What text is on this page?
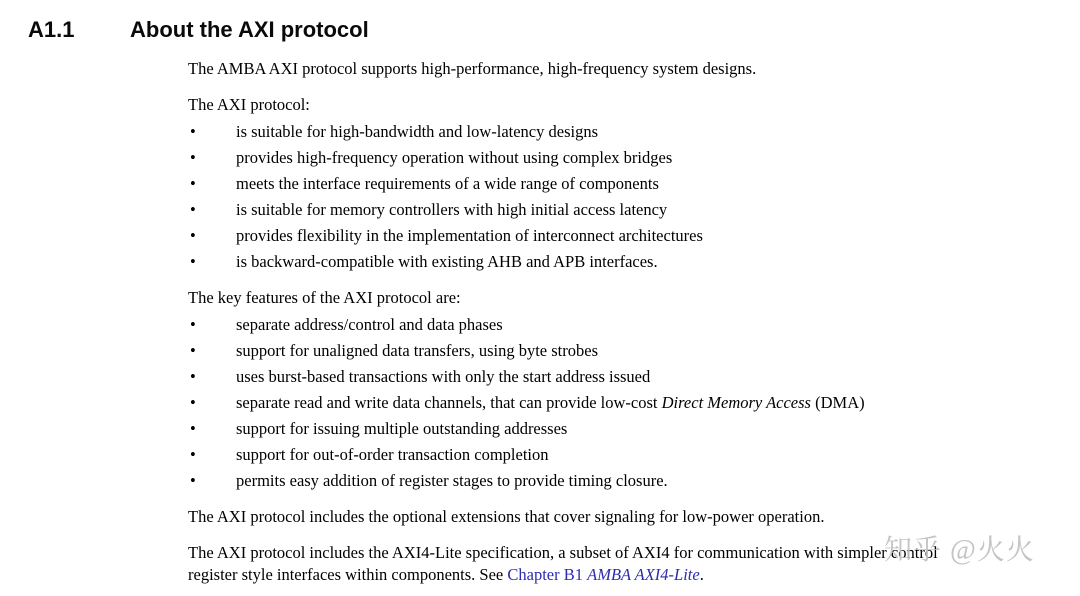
A1.1	About the AXI protocol

The AMBA AXI protocol supports high-performance, high-frequency system designs.

The AXI protocol:

• is suitable for high-bandwidth and low-latency designs
• provides high-frequency operation without using complex bridges
• meets the interface requirements of a wide range of components
• is suitable for memory controllers with high initial access latency
• provides flexibility in the implementation of interconnect architectures
• is backward-compatible with existing AHB and APB interfaces.

The key features of the AXI protocol are:

• separate address/control and data phases
• support for unaligned data transfers, using byte strobes
• uses burst-based transactions with only the start address issued
• separate read and write data channels, that can provide low-cost Direct Memory Access (DMA)
• support for issuing multiple outstanding addresses
• support for out-of-order transaction completion
• permits easy addition of register stages to provide timing closure.

The AXI protocol includes the optional extensions that cover signaling for low-power operation.

The AXI protocol includes the AXI4-Lite specification, a subset of AXI4 for communication with simpler control
register style interfaces within components. See Chapter B1 AMBA AXI4-Lite.

知乎 @火火
